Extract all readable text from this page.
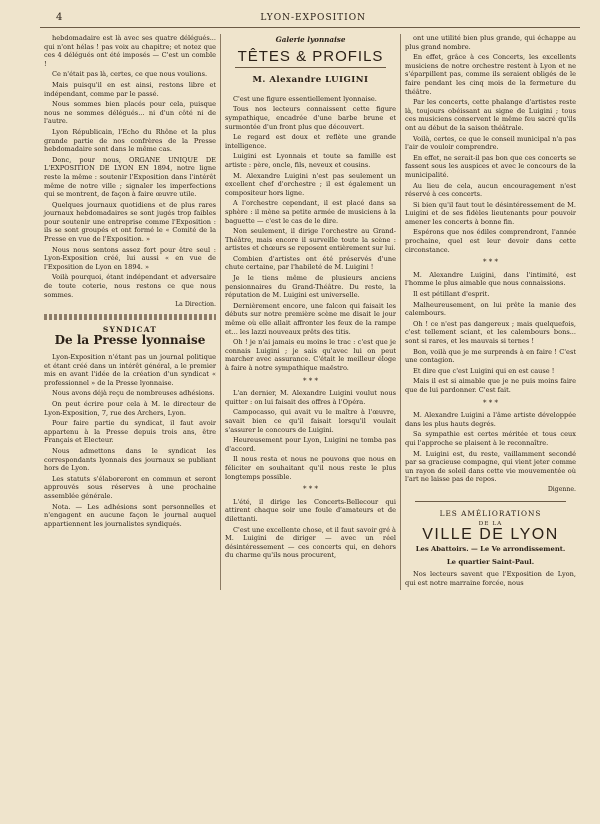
4	LYON-EXPOSITION

hebdomadaire est là avec ses quatre délégués... qui n'ont hélas ! pas voix au chapitre; et notez que ces 4 délégués ont été imposés — C'est un comble !

Ce n'était pas là, certes, ce que nous voulions.

Mais puisqu'il en est ainsi, restons libre et indépendant, comme par le passé.

Nous sommes bien placés pour cela, puisque nous ne sommes délégués... ni d'un côté ni de l'autre.

Lyon Républicain, l'Echo du Rhône et la plus grande partie de nos confrères de la Presse hebdomadaire sont dans le même cas.

Donc, pour nous, ORGANE UNIQUE DE L'EXPOSITION DE LYON EN 1894, notre ligne reste la même : soutenir l'Exposition dans l'intérêt même de notre ville ; signaler les imperfections qui se montrent, de façon à faire œuvre utile.

Quelques journaux quotidiens et de plus rares journaux hebdomadaires se sont jugés trop faibles pour soutenir une entreprise comme l'Exposition : ils se sont groupés et ont formé le « Comité de la Presse en vue de l'Exposition. »

Nous nous sentons assez fort pour être seul : Lyon-Exposition créé, lui aussi « en vue de l'Exposition de Lyon en 1894. »

Voilà pourquoi, étant indépendant et adversaire de toute coterie, nous restons ce que nous sommes.

La Direction.
SYNDICAT
De la Presse lyonnaise

Lyon-Exposition n'étant pas un journal politique et étant créé dans un intérêt général, a le premier mis en avant l'idée de la création d'un syndicat « professionnel » de la Presse lyonnaise.

Nous avons déjà reçu de nombreuses adhésions.

On peut écrire pour cela à M. le directeur de Lyon-Exposition, 7, rue des Archers, Lyon.

Pour faire partie du syndicat, il faut avoir appartenu à la Presse depuis trois ans, être Français et Electeur.

Nous admettons dans le syndicat les correspondants lyonnais des journaux se publiant hors de Lyon.

Les statuts s'élaboreront en commun et seront approuvés sous réserves à une prochaine assemblée générale.

Nota. — Les adhésions sont personnelles et n'engagent en aucune façon le journal auquel appartiennent les journalistes syndiqués.

Galerie lyonnaise
TÊTES & PROFILS
M. Alexandre LUIGINI

C'est une figure essentiellement lyonnaise.

Tous nos lecteurs connaissent cette figure sympathique, encadrée d'une barbe brune et surmontée d'un front plus que découvert.

Le regard est doux et reflète une grande intelligence.

Luigini est Lyonnais et toute sa famille est artiste : père, oncle, fils, neveux et cousins.

M. Alexandre Luigini n'est pas seulement un excellent chef d'orchestre ; il est également un compositeur hors ligne.

A l'orchestre cependant, il est placé dans sa sphère : il mène sa petite armée de musiciens à la baguette — c'est le cas de le dire.

Non seulement, il dirige l'orchestre au Grand-Théâtre, mais encore il surveille toute la scène : artistes et chœurs se reposent entièrement sur lui.

Combien d'artistes ont été préservés d'une chute certaine, par l'habileté de M. Luigini !

Je le tiens même de plusieurs anciens pensionnaires du Grand-Théâtre. Du reste, la réputation de M. Luigini est universelle.

Dernièrement encore, une falcon qui faisait les débuts sur notre première scène me disait le jour même où elle allait affronter les feux de la rampe et... les lazzi nouveaux prêts des titis.

Oh ! je n'ai jamais eu moins le trac : c'est que je connais Luigini ; je sais qu'avec lui on peut marcher avec assurance. C'était le meilleur éloge à faire à notre sympathique maëstro.

* * *

L'an dernier, M. Alexandre Luigini voulut nous quitter : on lui faisait des offres à l'Opéra.

Campocasso, qui avait vu le maître à l'œuvre, savait bien ce qu'il faisait lorsqu'il voulait s'assurer le concours de Luigini.

Heureusement pour Lyon, Luigini ne tomba pas d'accord.

Il nous resta et nous ne pouvons que nous en féliciter en souhaitant qu'il nous reste le plus longtemps possible.

* * *

L'été, il dirige les Concerts-Bellecour qui attirent chaque soir une foule d'amateurs et de dilettanti.

C'est une excellente chose, et il faut savoir gré à M. Luigini de diriger — avec un réel désintéressement — ces concerts qui, en dehors du charme qu'ils nous procurent,

ont une utilité bien plus grande, qui échappe au plus grand nombre.

En effet, grâce à ces Concerts, les excellents musiciens de notre orchestre restent à Lyon et ne s'éparpillent pas, comme ils seraient obligés de le faire pendant les cinq mois de la fermeture du théâtre.

Par les concerts, cette phalange d'artistes reste là, toujours obéissant au signe de Luigini ; tous ces musiciens conservent le même feu sacré qu'ils ont au début de la saison théâtrale.

Voilà, certes, ce que le conseil municipal n'a pas l'air de vouloir comprendre.

En effet, ne serait-il pas bon que ces concerts se fassent sous les auspices et avec le concours de la municipalité.

Au lieu de cela, aucun encouragement n'est réservé à ces concerts.

Si bien qu'il faut tout le désintéressement de M. Luigini et de ses fidèles lieutenants pour pouvoir amener les concerts à bonne fin.

Espérons que nos édiles comprendront, l'année prochaine, quel est leur devoir dans cette circonstance.

* * *

M. Alexandre Luigini, dans l'intimité, est l'homme le plus aimable que nous connaissions.

Il est pétillant d'esprit.

Malheureusement, on lui prête la manie des calembours.

Oh ! ce n'est pas dangereux ; mais quelquefois, c'est tellement sciant, et les calembours bons... sont si rares, et les mauvais si ternes !

Bon, voilà que je me surprends à en faire ! C'est une contagion.

Et dire que c'est Luigini qui en est cause !

Mais il est si aimable que je ne puis moins faire que de lui pardonner. C'est fait.

* * *

M. Alexandre Luigini a l'âme artiste développée dans les plus hauts degrés.

Sa sympathie est certes méritée et tous ceux qui l'approche se plaisent à le reconnaître.

M. Luigini est, du reste, vaillamment secondé par sa gracieuse compagne, qui vient jeter comme un rayon de soleil dans cette vie mouvementée où l'art ne laisse pas de repos.

Digenne.
LES AMÉLIORATIONS
DE LA
VILLE DE LYON
Les Abattoirs. — Le Ve arrondissement.
Le quartier Saint-Paul.

Nos lecteurs savent que l'Exposition de Lyon, qui est notre marraine forcée, nous
